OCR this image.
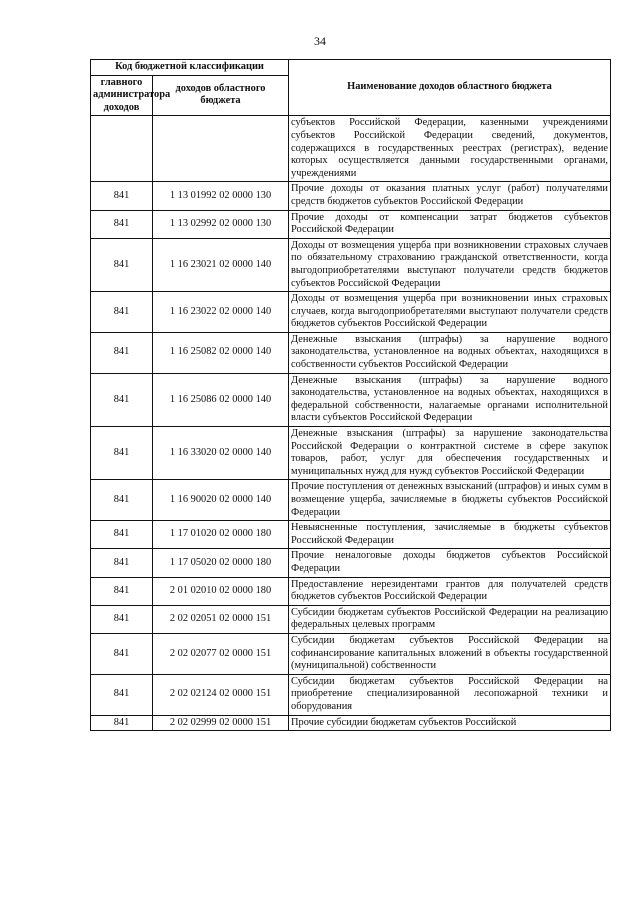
34
Код бюджетной классификации		Наименование доходов областного бюджета
главного администратора доходов	доходов областного бюджета	
		субъектов Российской Федерации, казенными учреждениями субъектов Российской Федерации сведений, документов, содержащихся в государственных реестрах (регистрах), ведение которых осуществляется данными государственными органами, учреждениями
841	1 13 01992 02 0000 130	Прочие доходы от оказания платных услуг (работ) получателями средств бюджетов субъектов Российской Федерации
841	1 13 02992 02 0000 130	Прочие доходы от компенсации затрат бюджетов субъектов Российской Федерации
841	1 16 23021 02 0000 140	Доходы от возмещения ущерба при возникновении страховых случаев по обязательному страхованию гражданской ответственности, когда выгодоприобретателями выступают получатели средств бюджетов субъектов Российской Федерации
841	1 16 23022 02 0000 140	Доходы от возмещения ущерба при возникновении иных страховых случаев, когда выгодоприобретателями выступают получатели средств бюджетов субъектов Российской Федерации
841	1 16 25082 02 0000 140	Денежные взыскания (штрафы) за нарушение водного законодательства, установленное на водных объектах, находящихся в собственности субъектов Российской Федерации
841	1 16 25086 02 0000 140	Денежные взыскания (штрафы) за нарушение водного законодательства, установленное на водных объектах, находящихся в федеральной собственности, налагаемые органами исполнительной власти субъектов Российской Федерации
841	1 16 33020 02 0000 140	Денежные взыскания (штрафы) за нарушение законодательства Российской Федерации о контрактной системе в сфере закупок товаров, работ, услуг для обеспечения государственных и муниципальных нужд для нужд субъектов Российской Федерации
841	1 16 90020 02 0000 140	Прочие поступления от денежных взысканий (штрафов) и иных сумм в возмещение ущерба, зачисляемые в бюджеты субъектов Российской Федерации
841	1 17 01020 02 0000 180	Невыясненные поступления, зачисляемые в бюджеты субъектов Российской Федерации
841	1 17 05020 02 0000 180	Прочие неналоговые доходы бюджетов субъектов Российской Федерации
841	2 01 02010 02 0000 180	Предоставление нерезидентами грантов для получателей средств бюджетов субъектов Российской Федерации
841	2 02 02051 02 0000 151	Субсидии бюджетам субъектов Российской Федерации на реализацию федеральных целевых программ
841	2 02 02077 02 0000 151	Субсидии бюджетам субъектов Российской Федерации на софинансирование капитальных вложений в объекты государственной (муниципальной) собственности
841	2 02 02124 02 0000 151	Субсидии бюджетам субъектов Российской Федерации на приобретение специализированной лесопожарной техники и оборудования
841	2 02 02999 02 0000 151	Прочие субсидии бюджетам субъектов Российской
